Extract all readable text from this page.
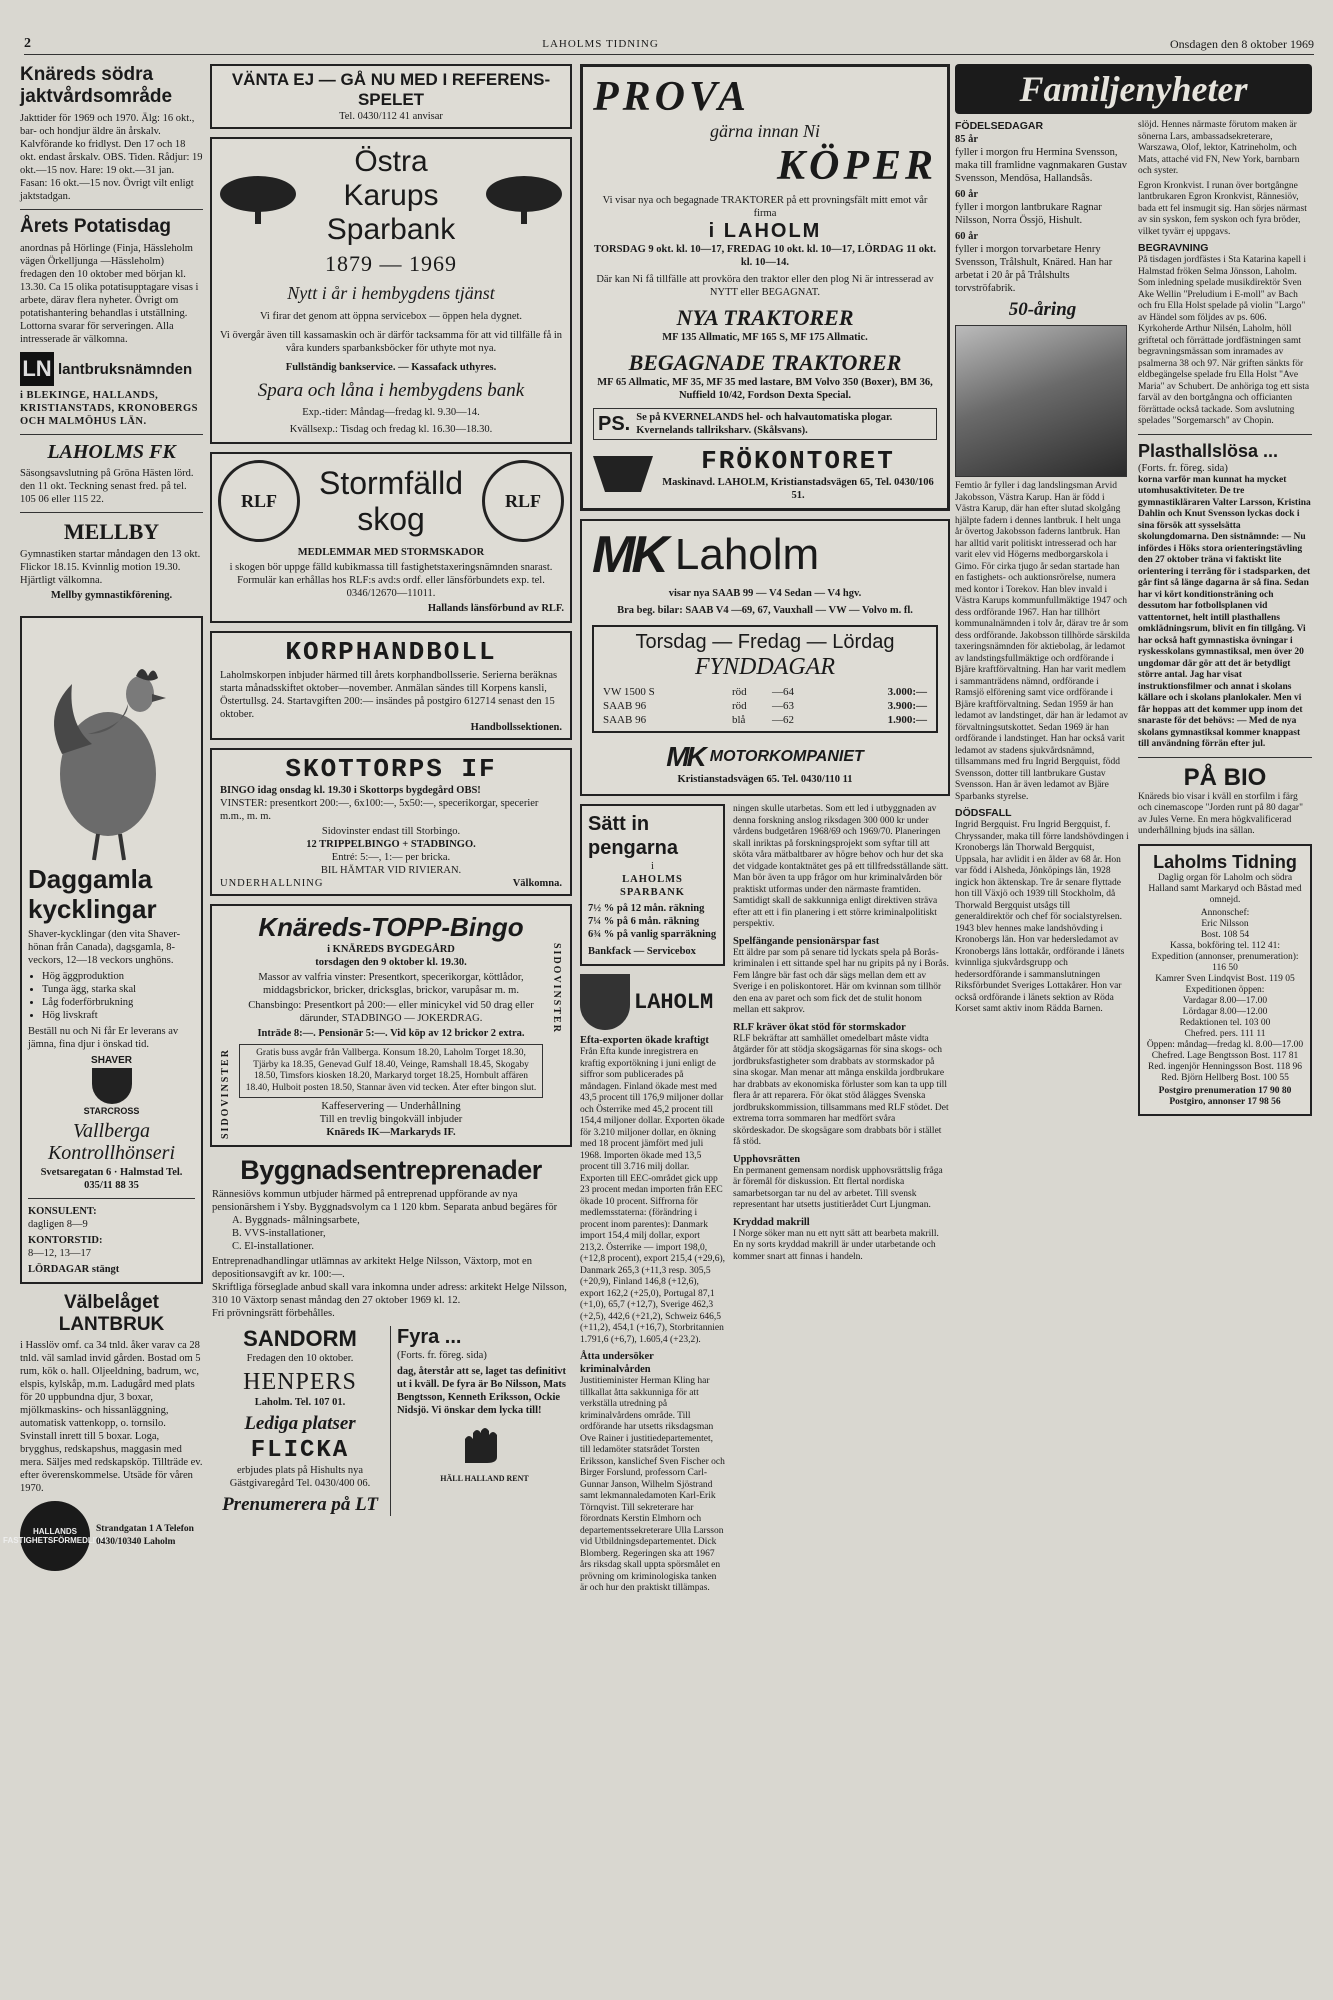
2	LAHOLMS TIDNING	Onsdagen den 8 oktober 1969
Knäreds södra jaktvårdsområde

Jakttider för 1969 och 1970. Älg: 16 okt., bar- och hondjur äldre än årskalv. Kalvförande ko fridlyst. Den 17 och 18 okt. endast årskalv. OBS. Tiden. Rådjur: 19 okt.—15 nov. Hare: 19 okt.—31 jan. Fasan: 16 okt.—15 nov. Övrigt vilt enligt jaktstadgan.

Årets Potatisdag

anordnas på Hörlinge (Finja, Hässleholm vägen Örkelljunga —Hässleholm) fredagen den 10 oktober med början kl. 13.30. Ca 15 olika potatisupptagare visas i arbete, därav flera nyheter. Övrigt om potatishantering behandlas i utställning. Lottorna svarar för serveringen. Alla intresserade är välkomna.

LN lantbruksnämnden

i BLEKINGE, HALLANDS, KRISTIANSTADS, KRONOBERGS OCH MALMÖHUS LÄN.

LAHOLMS FK

Säsongsavslutning på Gröna Hästen lörd. den 11 okt. Teckning senast fred. på tel. 105 06 eller 115 22.

MELLBY

Gymnastiken startar måndagen den 13 okt. Flickor 18.15. Kvinnlig motion 19.30. Hjärtligt välkomna.

Mellby gymnastikförening.

Daggamla kycklingar

Shaver-kycklingar (den vita Shaver-hönan från Canada), dagsgamla, 8-veckors, 12—18 veckors unghöns.

• Hög äggproduktion
• Tunga ägg, starka skal
• Låg foderförbrukning
• Hög livskraft

Beställ nu och Ni får Er leverans av jämna, fina djur i önskad tid.

SHAVER
STARCROSS
Vallberga Kontrollhönseri

Svetsaregatan 6 · Halmstad Tel. 035/11 88 35

KONSULENT:

dagligen 8—9

KONTORSTID:

8—12, 13—17

LÖRDAGAR stängt

Välbelåget LANTBRUK

i Hasslöv omf. ca 34 tnld. åker varav ca 28 tnld. väl samlad invid gården. Bostad om 5 rum, kök o. hall. Oljeeldning, badrum, wc, elspis, kylskåp, m.m. Ladugård med plats för 20 uppbundna djur, 3 boxar, mjölkmaskins- och hissanläggning, automatisk vattenkopp, o. tornsilo. Svinstall inrett till 5 boxar. Loga, brygghus, redskapshus, maggasin med mera. Säljes med redskapsköp. Tillträde ev. efter överenskommelse. Utsäde för våren 1970.

HALLANDS FASTIGHETSFÖRMEDLING

Strandgatan 1 A Telefon 0430/10340 Laholm

VÄNTA EJ — GÅ NU MED I REFERENS-SPELET

Tel. 0430/112 41 anvisar

Östra Karups Sparbank
1879 — 1969
Nytt i år i hembygdens tjänst

Vi firar det genom att öppna servicebox — öppen hela dygnet.

Vi övergår även till kassamaskin och är därför tacksamma för att vid tillfälle få in våra kunders sparbanksböcker för uthyte mot nya.

Fullständig bankservice. — Kassafack uthyres.

Spara och låna i hembygdens bank

Exp.-tider: Måndag—fredag kl. 9.30—14.

Kvällsexp.: Tisdag och fredag kl. 16.30—18.30.

RLF	Stormfälld skog
RLF

MEDLEMMAR MED STORMSKADOR

i skogen bör uppge fälld kubikmassa till fastighetstaxeringsnämnden snarast. Formulär kan erhållas hos RLF:s avd:s ordf. eller länsförbundets exp. tel. 0346/12670—11011.

Hallands länsförbund av RLF.

KORPHANDBOLL

Laholmskorpen inbjuder härmed till årets korphandbollsserie. Serierna beräknas starta månadsskiftet oktober—november. Anmälan sändes till Korpens kansli, Östertullsg. 24. Startavgiften 200:— insändes på postgiro 612714 senast den 15 oktober.

Handbollssektionen.

SKOTTORPS IF

BINGO idag onsdag kl. 19.30 i Skottorps bygdegård OBS!

VINSTER: presentkort 200:—, 6x100:—, 5x50:—, specerikorgar, specerier m.m., m. m.

Sidovinster endast till Storbingo.

12 TRIPPELBINGO + STADBINGO.

Entré: 5:—, 1:— per bricka.

BIL HÄMTAR VID RIVIERAN.

UNDERHALLNING	Välkomna.
Knäreds-TOPP-Bingo
SIDOVINSTER

i KNÄREDS BYGDEGÅRD

torsdagen den 9 oktober kl. 19.30.

Massor av valfria vinster: Presentkort, specerikorgar, köttlådor, middagsbrickor, bricker, dricksglas, brickor, varupåsar m. m.

Chansbingo: Presentkort på 200:— eller minicykel vid 50 drag eller därunder, STADBINGO — JOKERDRAG.

Inträde 8:—. Pensionär 5:—. Vid köp av 12 brickor 2 extra.

Gratis buss avgår från Vallberga. Konsum 18.20, Laholm Torget 18.30, Tjärby ka 18.35, Genevad Gulf 18.40, Veinge, Ramshall 18.45, Skogaby 18.50, Timsfors kiosken 18.20, Markaryd torget 18.25, Hornbult affären 18.40, Hulboit posten 18.50, Stannar även vid tecken. Åter efter bingon slut.

Kaffeservering — Underhållning

Till en trevlig bingokväll inbjuder

Knäreds IK—Markaryds IF.

SIDOVINSTER
Byggnadsentreprenader

Rännesiövs kommun utbjuder härmed på entreprenad uppförande av nya pensionärshem i Ysby. Byggnadsvolym ca 1 120 kbm. Separata anbud begäres för

A. Byggnads- målningsarbete,

B. VVS-installationer,

C. El-installationer.

Entreprenadhandlingar utlämnas av arkitekt Helge Nilsson, Växtorp, mot en depositionsavgift av kr. 100:—.

Skriftliga förseglade anbud skall vara inkomna under adress: arkitekt Helge Nilsson, 310 10 Växtorp senast måndag den 27 oktober 1969 kl. 12.

Fri prövningsrätt förbehålles.

SANDORM

Fredagen den 10 oktober.

HENPERS

Laholm. Tel. 107 01.

Lediga platser
FLICKA

erbjudes plats på Hishults nya Gästgivaregård Tel. 0430/400 06.

Prenumerera på LT
Fyra ...

(Forts. fr. föreg. sida)

dag, återstår att se, laget tas definitivt ut i kväll. De fyra är Bo Nilsson, Mats Bengtsson, Kenneth Eriksson, Ockie Nidsjö. Vi önskar dem lycka till!

HÄLL HALLAND RENT

PROVA
gärna innan Ni
KÖPER

Vi visar nya och begagnade TRAKTORER på ett provningsfält mitt emot vår firma

i LAHOLM

TORSDAG 9 okt. kl. 10—17, FREDAG 10 okt. kl. 10—17, LÖRDAG 11 okt. kl. 10—14.

Där kan Ni få tillfälle att provköra den traktor eller den plog Ni är intresserad av NYTT eller BEGAGNAT.

NYA TRAKTORER

MF 135 Allmatic, MF 165 S, MF 175 Allmatic.

BEGAGNADE TRAKTORER

MF 65 Allmatic, MF 35, MF 35 med lastare, BM Volvo 350 (Boxer), BM 36, Nuffield 10/42, Fordson Dexta Special.

PS. Se på KVERNELANDS hel- och halvautomatiska plogar. Kvernelands tallriksharv. (Skålsvans).
FRÖKONTORET

Maskinavd. LAHOLM, Kristianstadsvägen 65, Tel. 0430/106 51.

MK Laholm

visar nya SAAB 99 — V4 Sedan — V4 hgv.

Bra beg. bilar: SAAB V4 —69, 67, Vauxhall — VW — Volvo m. fl.

Torsdag — Fredag — Lördag
FYNDDAGAR
VW 1500 S	röd	—64	3.000:—
SAAB 96	röd	—63	3.900:—
SAAB 96	blå	—62	1.900:—
MK MOTORKOMPANIET

Kristianstadsvägen 65. Tel. 0430/110 11

Sätt in pengarna

i

LAHOLMS SPARBANK

7½ % på 12 mån. räkning

7¼ % på 6 mån. räkning

6¾ % på vanlig sparräkning

Bankfack — Servicebox

LAHOLM

Efta-exporten ökade kraftigt

Från Efta kunde inregistrera en kraftig exportökning i juni enligt de siffror som publicerades på måndagen. Finland ökade mest med 43,5 procent till 176,9 miljoner dollar och Österrike med 45,2 procent till 154,4 miljoner dollar. Exporten ökade för 3.210 miljoner dollar, en ökning med 18 procent jämfört med juli 1968. Importen ökade med 13,5 procent till 3.716 milj dollar. Exporten till EEC-området gick upp 23 procent medan importen från EEC ökade 10 procent. Siffrorna för medlemsstaterna: (förändring i procent inom parentes): Danmark import 154,4 milj dollar, export 213,2. Österrike — import 198,0, (+12,8 procent), export 215,4 (+29,6), Danmark 265,3 (+11,3 resp. 305,5 (+20,9), Finland 146,8 (+12,6), export 162,2 (+25,0), Portugal 87,1 (+1,0), 65,7 (+12,7), Sverige 462,3 (+2,5), 442,6 (+21,2), Schweiz 646,5 (+11,2), 454,1 (+16,7), Storbritannien 1.791,6 (+6,7), 1.605,4 (+23,2).

Åtta undersöker kriminalvården

Justitieminister Herman Kling har tillkallat åtta sakkunniga för att verkställa utredning på kriminalvårdens område. Till ordförande har utsetts riksdagsman Ove Rainer i justitiedepartementet, till ledamöter statsrådet Torsten Eriksson, kanslichef Sven Fischer och Birger Forslund, professorn Carl-Gunnar Janson, Wilhelm Sjöstrand samt lekmannaledamoten Karl-Erik Törnqvist. Till sekreterare har förordnats Kerstin Elmhorn och departementssekreterare Ulla Larsson vid Utbildningsdepartementet. Dick Blomberg. Regeringen ska att 1967 års riksdag skall uppta spörsmålet en prövning om kriminologiska tanken är och hur den praktiskt tillämpas.

ningen skulle utarbetas. Som ett led i utbyggnaden av denna forskning anslog riksdagen 300 000 kr under vårdens budgetåren 1968/69 och 1969/70. Planeringen skall inriktas på forskningsprojekt som syftar till att sköta våra mätbaltbarer av högre behov och hur det ska det vidgade kontaktnätet ges på ett tillfredsställande sätt. Man bör även ta upp frågor om hur kriminalvården bör praktiskt utformas under den närmaste framtiden. Samtidigt skall de sakkunniga enligt direktiven sträva efter att ett i fin planering i ett större kriminalpolitiskt perspektiv.

Spelfängande pensionärspar fast

Ett äldre par som på senare tid lyckats spela på Borås-kriminalen i ett sittande spel har nu gripits på ny i Borås. Fem långre bär fast och där sägs mellan dem ett av Sverige i en poliskontoret. Här om kvinnan som tillhör den ena av paret och som fick det de stulit honom mellan ett sakprov.

RLF kräver ökat stöd för stormskador

RLF bekräftar att samhället omedelbart måste vidta åtgärder för att stödja skogsägarnas för sina skogs- och jordbruksfastigheter som drabbats av stormskador på sina skogar. Man menar att många enskilda jordbrukare har drabbats av ekonomiska förluster som kan ta upp till flera år att reparera. För ökat stöd ålägges Svenska jordbrukskommission, tillsammans med RLF stödet. Det extrema torra sommaren har medfört svåra skördeskador. De skogsägare som drabbats bör i stället få stöd.

Upphovsrätten

En permanent gemensam nordisk upphovsrättslig fråga är föremål för diskussion. Ett flertal nordiska samarbetsorgan tar nu del av arbetet. Till svensk representant har utsetts justitierådet Curt Ljungman.

Kryddad makrill

I Norge söker man nu ett nytt sätt att bearbeta makrill. En ny sorts kryddad makrill är under utarbetande och kommer snart att finnas i handeln.

Familjenyheter

FÖDELSEDAGAR

85 år

fyller i morgon fru Hermina Svensson, maka till framlidne vagnmakaren Gustav Svensson, Mendösa, Hallandsås.

60 år

fyller i morgon lantbrukare Ragnar Nilsson, Norra Össjö, Hishult.

60 år

fyller i morgon torvarbetare Henry Svensson, Trålshult, Knäred. Han har arbetat i 20 år på Trålshults torvströfabrik.

50-åring

Femtio år fyller i dag landslingsman Arvid Jakobsson, Västra Karup. Han är född i Västra Karup, där han efter slutad skolgång hjälpte fadern i dennes lantbruk. I helt unga år övertog Jakobsson faderns lantbruk. Han har alltid varit politiskt intresserad och har varit elev vid Högerns medborgarskola i Gimo. För cirka tjugo år sedan startade han en fastighets- och auktionsrörelse, numera med kontor i Torekov. Han blev invald i Västra Karups kommunfullmäktige 1947 och dess ordförande 1967. Han har tillhört kommunalnämnden i tolv år, därav tre år som dess ordförande. Jakobsson tillhörde särskilda taxeringsnämnden för aktiebolag, är ledamot av landstingsfullmäktige och ordförande i Bjäre kraftförvaltning. Han har varit medlem i sammanträdens nämnd, ordförande i Ramsjö elförening samt vice ordförande i Bjäre kraftförvaltning. Sedan 1959 är han ledamot av landstinget, där han är ledamot av förvaltningsutskottet. Sedan 1969 är han ordförande i landstinget. Han har också varit ledamot av stadens sjukvårdsnämnd, tillsammans med fru Ingrid Bergquist, född Svensson, dotter till lantbrukare Gustav Svensson. Han är även ledamot av Bjäre Sparbanks styrelse.

DÖDSFALL

Ingrid Bergquist. Fru Ingrid Bergquist, f. Chryssander, maka till förre landshövdingen i Kronobergs län Thorwald Bergquist, Uppsala, har avlidit i en ålder av 68 år. Hon var född i Alsheda, Jönköpings län, 1928 ingick hon äktenskap. Tre år senare flyttade hon till Växjö och 1939 till Stockholm, då Thorwald Bergquist utsågs till generaldirektör och chef för socialstyrelsen. 1943 blev hennes make landshövding i Kronobergs län. Hon var hedersledamot av Kronobergs läns lottakår, ordförande i länets kvinnliga sjukvårdsgrupp och hedersordförande i sammanslutningen Riksförbundet Sveriges Lottakårer. Hon var också ordförande i länets sektion av Röda Korset samt aktiv inom Rädda Barnen.

slöjd. Hennes närmaste förutom maken är sönerna Lars, ambassadsekreterare, Warszawa, Olof, lektor, Katrineholm, och Mats, attaché vid FN, New York, barnbarn och syster.

Egron Kronkvist. I runan över bortgångne lantbrukaren Egron Kronkvist, Rännesiöv, bada ett fel insmugit sig. Han sörjes närmast av sin syskon, fem syskon och fyra bröder, vilket tyvärr ej uppgavs.

BEGRAVNING

På tisdagen jordfästes i Sta Katarina kapell i Halmstad fröken Selma Jönsson, Laholm. Som inledning spelade musikdirektör Sven Ake Wellin "Preludium i E-moll" av Bach och fru Ella Holst spelade på violin "Largo" av Händel som följdes av ps. 606. Kyrkoherde Arthur Nilsén, Laholm, höll griftetal och förrättade jordfästningen samt begravningsmässan som inramades av psalmerna 38 och 97. När griften sänkts för eldbegängelse spelade fru Ella Holst "Ave Maria" av Schubert. De anhöriga tog ett sista farväl av den bortgångna och officianten förrättade också tackade. Som avslutning spelades "Sorgemarsch" av Chopin.

Plasthallslösa ...

(Forts. fr. föreg. sida)

korna varför man kunnat ha mycket utomhusaktiviteter. De tre gymnastikläraren Valter Larsson, Kristina Dahlin och Knut Svensson lyckas dock i sina försök att sysselsätta skolungdomarna. Den sistnämnde: — Nu infördes i Höks stora orienteringstävling den 27 oktober träna vi faktiskt lite orientering i terräng för i stadsparken, det går fint så länge dagarna är så fina. Sedan har vi kört konditionsträning och dessutom har fotbollsplanen vid vattentornet, helt intill plasthallens omklädningsrum, blivit en fin tillgång. Vi har också haft gymnastiska övningar i ryskesskolans gymnastiksal, men över 20 ungdomar där gör att det är betydligt större antal. Jag har visat instruktionsfilmer och annat i skolans källare och i skolans planlokaler. Men vi får hoppas att det kommer upp inom det snaraste för det behövs: — Med de nya skolans gymnastiksal kommer knappast till användning förrän efter jul.

PÅ BIO

Knäreds bio visar i kväll en storfilm i färg och cinemascope "Jorden runt på 80 dagar" av Jules Verne. En mera högkvalificerad underhållning bjuds ina sällan.

Laholms Tidning

Daglig organ för Laholm och södra Halland samt Markaryd och Båstad med omnejd.

Annonschef:

Eric Nilsson

Bost. 108 54

Kassa, bokföring tel. 112 41:

Expedition (annonser, prenumeration):

116 50

Kamrer Sven Lindqvist Bost. 119 05

Expeditionen öppen:

Vardagar 8.00—17.00

Lördagar 8.00—12.00

Redaktionen tel. 103 00

Chefred. pers. 111 11

Öppen: måndag—fredag kl. 8.00—17.00

Chefred. Lage Bengtsson Bost. 117 81

Red. ingenjör Henningsson Bost. 118 96

Red. Björn Hellberg Bost. 100 55

Postgiro prenumeration 17 90 80

Postgiro, annonser 17 98 56
